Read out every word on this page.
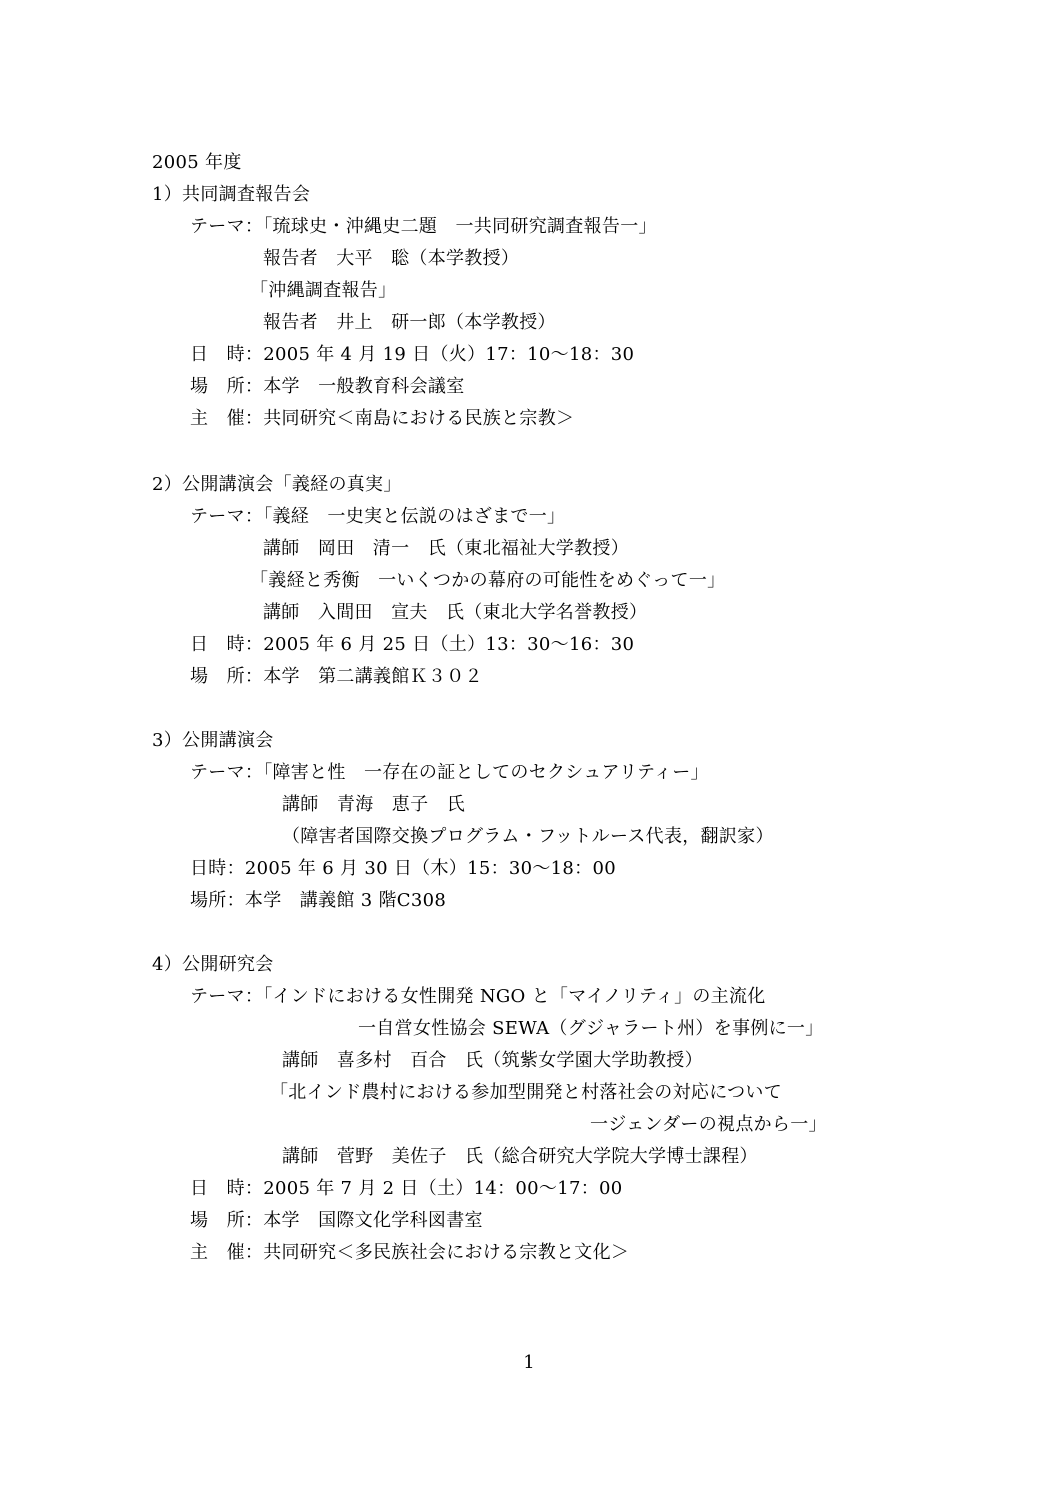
2005 年度
1）共同調査報告会
テーマ：「琉球史・沖縄史二題　一共同研究調査報告一」
報告者　大平　聡（本学教授）
「沖縄調査報告」
報告者　井上　研一郎（本学教授）
日　時：2005 年 4 月 19 日（火）17：10～18：30
場　所：本学　一般教育科会議室
主　催：共同研究＜南島における民族と宗教＞
2）公開講演会「義経の真実」
テーマ：「義経　一史実と伝説のはざまで一」
講師　岡田　清一　氏（東北福祉大学教授）
「義経と秀衡　一いくつかの幕府の可能性をめぐって一」
講師　入間田　宣夫　氏（東北大学名誉教授）
日　時：2005 年 6 月 25 日（土）13：30～16：30
場　所：本学　第二講義館Ｋ３０２
3）公開講演会
テーマ：「障害と性　一存在の証としてのセクシュアリティー」
講師　青海　恵子　氏
（障害者国際交換プログラム・フットルース代表，翻訳家）
日時：2005 年 6 月 30 日（木）15：30～18：00
場所：本学　講義館 3 階C308
4）公開研究会
テーマ：「インドにおける女性開発 NGO と「マイノリティ」の主流化
一自営女性協会 SEWA（グジャラート州）を事例に一」
講師　喜多村　百合　氏（筑紫女学園大学助教授）
「北インド農村における参加型開発と村落社会の対応について
一ジェンダーの視点から一」
講師　菅野　美佐子　氏（総合研究大学院大学博士課程）
日　時：2005 年 7 月 2 日（土）14：00～17：00
場　所：本学　国際文化学科図書室
主　催：共同研究＜多民族社会における宗教と文化＞
1
